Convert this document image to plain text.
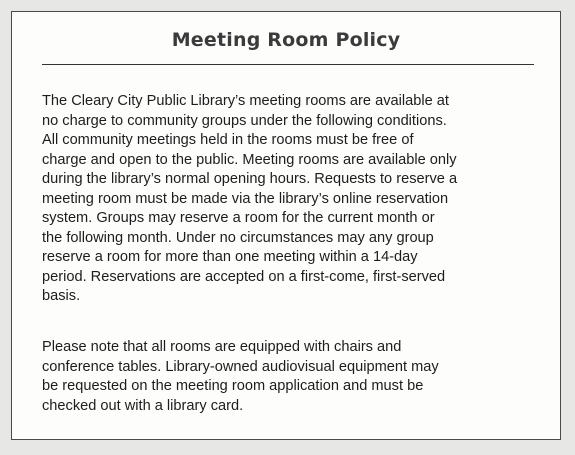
Meeting Room Policy

The Cleary City Public Library’s meeting rooms are available at
no charge to community groups under the following conditions.
All community meetings held in the rooms must be free of
charge and open to the public. Meeting rooms are available only
during the library’s normal opening hours. Requests to reserve a
meeting room must be made via the library’s online reservation
system. Groups may reserve a room for the current month or
the following month. Under no circumstances may any group
reserve a room for more than one meeting within a 14-day
period. Reservations are accepted on a first-come, first-served
basis.

Please note that all rooms are equipped with chairs and
conference tables. Library-owned audiovisual equipment may
be requested on the meeting room application and must be
checked out with a library card.
